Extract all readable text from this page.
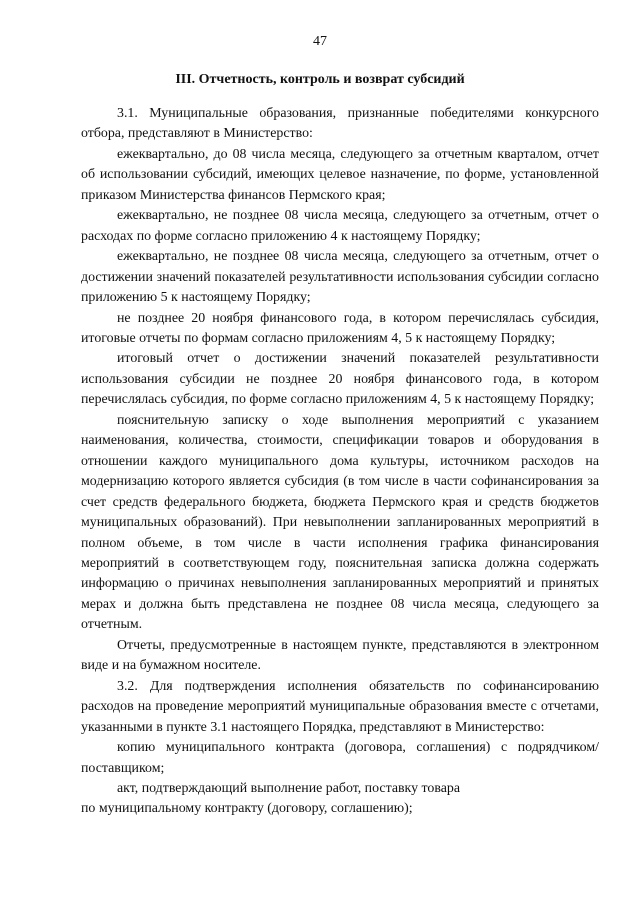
47
III. Отчетность, контроль и возврат субсидий

3.1. Муниципальные образования, признанные победителями конкурсного отбора, представляют в Министерство:

ежеквартально, до 08 числа месяца, следующего за отчетным кварталом, отчет об использовании субсидий, имеющих целевое назначение, по форме, установленной приказом Министерства финансов Пермского края;

ежеквартально, не позднее 08 числа месяца, следующего за отчетным, отчет о расходах по форме согласно приложению 4 к настоящему Порядку;

ежеквартально, не позднее 08 числа месяца, следующего за отчетным, отчет о достижении значений показателей результативности использования субсидии согласно приложению 5 к настоящему Порядку;

не позднее 20 ноября финансового года, в котором перечислялась субсидия, итоговые отчеты по формам согласно приложениям 4, 5 к настоящему Порядку;

итоговый отчет о достижении значений показателей результативности использования субсидии не позднее 20 ноября финансового года, в котором перечислялась субсидия, по форме согласно приложениям 4, 5 к настоящему Порядку;

пояснительную записку о ходе выполнения мероприятий с указанием наименования, количества, стоимости, спецификации товаров и оборудования в отношении каждого муниципального дома культуры, источником расходов на модернизацию которого является субсидия (в том числе в части софинансирования за счет средств федерального бюджета, бюджета Пермского края и средств бюджетов муниципальных образований). При невыполнении запланированных мероприятий в полном объеме, в том числе в части исполнения графика финансирования мероприятий в соответствующем году, пояснительная записка должна содержать информацию о причинах невыполнения запланированных мероприятий и принятых мерах и должна быть представлена не позднее 08 числа месяца, следующего за отчетным.

Отчеты, предусмотренные в настоящем пункте, представляются в электронном виде и на бумажном носителе.

3.2. Для подтверждения исполнения обязательств по софинансированию расходов на проведение мероприятий муниципальные образования вместе с отчетами, указанными в пункте 3.1 настоящего Порядка, представляют в Министерство:

копию муниципального контракта (договора, соглашения) с подрядчиком/поставщиком;

акт, подтверждающий выполнение работ, поставку товара

по муниципальному контракту (договору, соглашению);
